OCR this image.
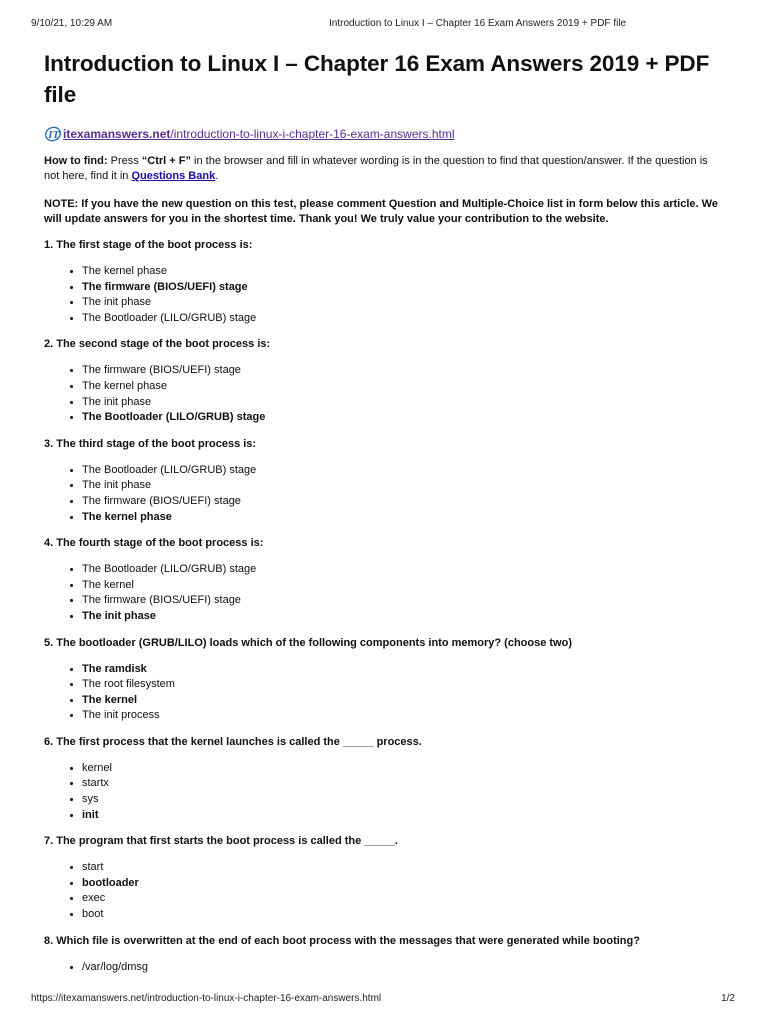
9/10/21, 10:29 AM	Introduction to Linux I – Chapter 16 Exam Answers 2019 + PDF file
Introduction to Linux I – Chapter 16 Exam Answers 2019 + PDF file
IT itexamanswers.net /introduction-to-linux-i-chapter-16-exam-answers.html

How to find: Press “Ctrl + F” in the browser and fill in whatever wording is in the question to find that question/answer. If the question is not here, find it in Questions Bank.

NOTE: If you have the new question on this test, please comment Question and Multiple-Choice list in form below this article. We will update answers for you in the shortest time. Thank you! We truly value your contribution to the website.

1. The first stage of the boot process is:
• The kernel phase
• The firmware (BIOS/UEFI) stage
• The init phase
• The Bootloader (LILO/GRUB) stage
2. The second stage of the boot process is:
• The firmware (BIOS/UEFI) stage
• The kernel phase
• The init phase
• The Bootloader (LILO/GRUB) stage
3. The third stage of the boot process is:
• The Bootloader (LILO/GRUB) stage
• The init phase
• The firmware (BIOS/UEFI) stage
• The kernel phase
4. The fourth stage of the boot process is:
• The Bootloader (LILO/GRUB) stage
• The kernel
• The firmware (BIOS/UEFI) stage
• The init phase
5. The bootloader (GRUB/LILO) loads which of the following components into memory? (choose two)
• The ramdisk
• The root filesystem
• The kernel
• The init process
6. The first process that the kernel launches is called the _____ process.
• kernel
• startx
• sys
• init
7. The program that first starts the boot process is called the _____.
• start
• bootloader
• exec
• boot
8. Which file is overwritten at the end of each boot process with the messages that were generated while booting?
• /var/log/dmsg
https://itexamanswers.net/introduction-to-linux-i-chapter-16-exam-answers.html	1/2
